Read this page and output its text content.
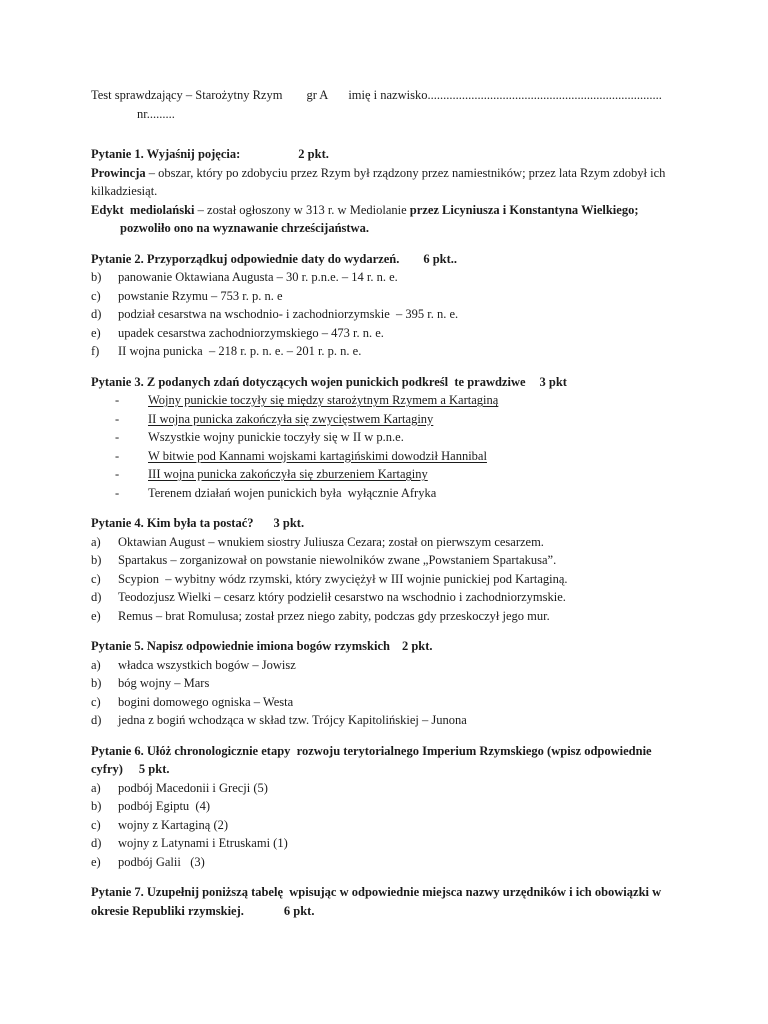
Test sprawdzający – Starożytny Rzym gr A imię i nazwisko...........................................................................
nr.........
Pytanie 1. Wyjaśnij pojęcia:	2 pkt.
Prowincja – obszar, który po zdobyciu przez Rzym był rządzony przez namiestników; przez lata Rzym zdobył ich kilkadziesiąt.
Edykt  mediolański – został ogłoszony w 313 r. w Mediolanie przez Licyniusza i Konstantyna Wielkiego;
pozwoliło ono na wyznawanie chrześcijaństwa.
Pytanie 2. Przyporządkuj odpowiednie daty do wydarzeń. 6 pkt..
b)	panowanie Oktawiana Augusta – 30 r. p.n.e. – 14 r. n. e.
c)	powstanie Rzymu – 753 r. p. n. e
d)	podział cesarstwa na wschodnio- i zachodniorzymskie  – 395 r. n. e.
e)	upadek cesarstwa zachodniorzymskiego – 473 r. n. e.
f)	II wojna punicka  – 218 r. p. n. e. – 201 r. p. n. e.
Pytanie 3. Z podanych zdań dotyczących wojen punickich podkreśl  te prawdziwe 3 pkt
-	Wojny punickie toczyły się między starożytnym Rzymem a Kartaginą
-	II wojna punicka zakończyła się zwycięstwem Kartaginy
-	Wszystkie wojny punickie toczyły się w II w p.n.e.
-	W bitwie pod Kannami wojskami kartagińskimi dowodził Hannibal
-	III wojna punicka zakończyła się zburzeniem Kartaginy
-	Terenem działań wojen punickich była  wyłącznie Afryka
Pytanie 4. Kim była ta postać? 3 pkt.
a)	Oktawian August – wnukiem siostry Juliusza Cezara; został on pierwszym cesarzem.
b)	Spartakus – zorganizował on powstanie niewolników zwane „Powstaniem Spartakusa”.
c)	Scypion  – wybitny wódz rzymski, który zwyciężył w III wojnie punickiej pod Kartaginą.
d)	Teodozjusz Wielki – cesarz który podzielił cesarstwo na wschodnio i zachodniorzymskie.
e)	Remus – brat Romulusa; został przez niego zabity, podczas gdy przeskoczył jego mur.
Pytanie 5. Napisz odpowiednie imiona bogów rzymskich 2 pkt.
a)	władca wszystkich bogów – Jowisz
b)	bóg wojny – Mars
c)	bogini domowego ogniska – Westa
d)	jedna z bogiń wchodząca w skład tzw. Trójcy Kapitolińskiej – Junona
Pytanie 6. Ułóż chronologicznie etapy  rozwoju terytorialnego Imperium Rzymskiego (wpisz odpowiednie cyfry) 5 pkt.
a)	podbój Macedonii i Grecji (5)
b)	podbój Egiptu  (4)
c)	wojny z Kartaginą (2)
d)	wojny z Latynami i Etruskami (1)
e)	podbój Galii   (3)
Pytanie 7. Uzupełnij poniższą tabelę  wpisując w odpowiednie miejsca nazwy urzędników i ich obowiązki w okresie Republiki rzymskiej.	6 pkt.
